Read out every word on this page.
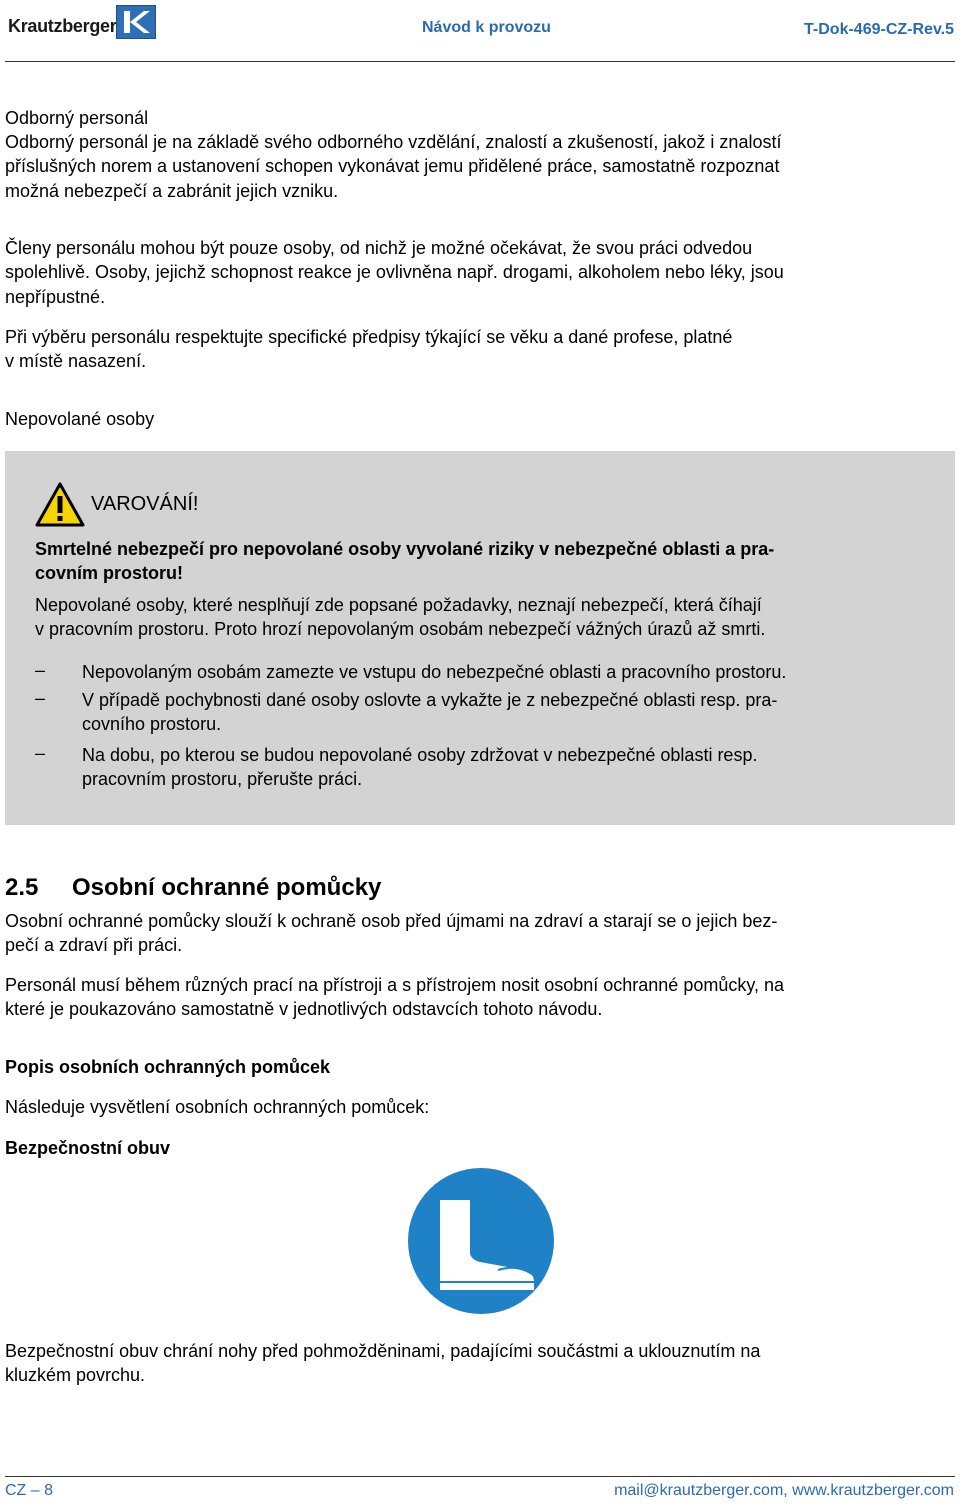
Krautzberger	Návod k provozu	T-Dok-469-CZ-Rev.5
Odborný personál
Odborný personál je na základě svého odborného vzdělání, znalostí a zkušeností, jakož i znalostí
příslušných norem a ustanovení schopen vykonávat jemu přidělené práce, samostatně rozpoznat
možná nebezpečí a zabránit jejich vzniku.
Členy personálu mohou být pouze osoby, od nichž je možné očekávat, že svou práci odvedou
spolehlivě. Osoby, jejichž schopnost reakce je ovlivněna např. drogami, alkoholem nebo léky, jsou
nepřípustné.
Při výběru personálu respektujte specifické předpisy týkající se věku a dané profese, platné
v místě nasazení.
Nepovolané osoby
VAROVÁNÍ!
Smrtelné nebezpečí pro nepovolané osoby vyvolané riziky v nebezpečné oblasti a pra-
covním prostoru!
Nepovolané osoby, které nesplňují zde popsané požadavky, neznají nebezpečí, která číhají
v pracovním prostoru. Proto hrozí nepovolaným osobám nebezpečí vážných úrazů až smrti.
– Nepovolaným osobám zamezte ve vstupu do nebezpečné oblasti a pracovního prostoru.
– V případě pochybnosti dané osoby oslovte a vykažte je z nebezpečné oblasti resp. pra-
covního prostoru.
– Na dobu, po kterou se budou nepovolané osoby zdržovat v nebezpečné oblasti resp.
pracovním prostoru, přerušte práci.
2.5 Osobní ochranné pomůcky
Osobní ochranné pomůcky slouží k ochraně osob před újmami na zdraví a starají se o jejich bez-
pečí a zdraví při práci.
Personál musí během různých prací na přístroji a s přístrojem nosit osobní ochranné pomůcky, na
které je poukazováno samostatně v jednotlivých odstavcích tohoto návodu.
Popis osobních ochranných pomůcek
Následuje vysvětlení osobních ochranných pomůcek:
Bezpečnostní obuv
Bezpečnostní obuv chrání nohy před pohmožděninami, padajícími součástmi a uklouznutím na
kluzkém povrchu.
CZ – 8	mail@krautzberger.com, www.krautzberger.com
